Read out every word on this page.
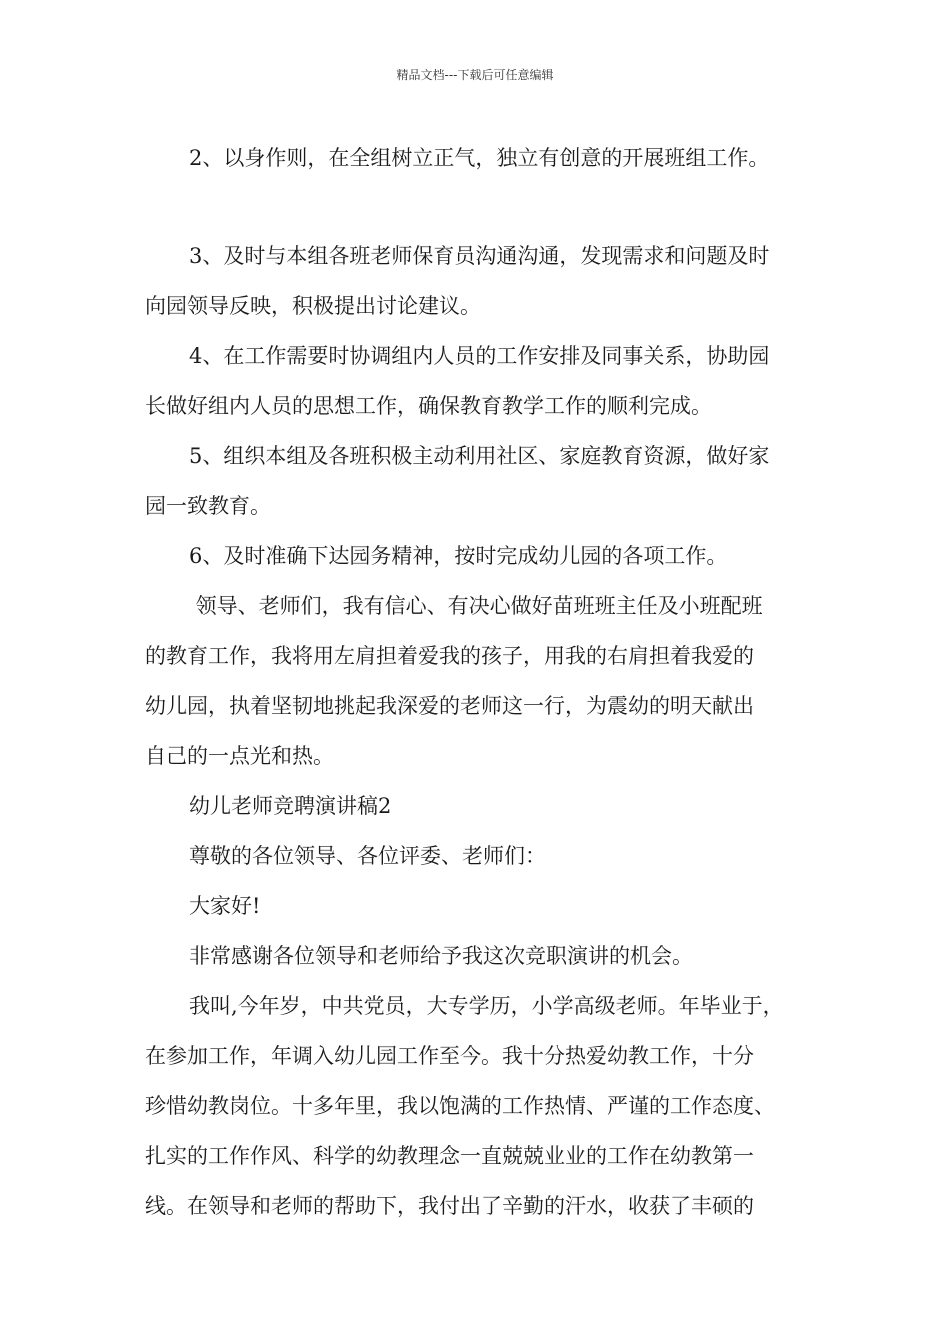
精品文档---下载后可任意编辑

2、以身作则，在全组树立正气，独立有创意的开展班组工作。

3、及时与本组各班老师保育员沟通沟通，发现需求和问题及时
向园领导反映，积极提出讨论建议。

4、在工作需要时协调组内人员的工作安排及同事关系，协助园
长做好组内人员的思想工作，确保教育教学工作的顺利完成。

5、组织本组及各班积极主动利用社区、家庭教育资源，做好家
园一致教育。

6、及时准确下达园务精神，按时完成幼儿园的各项工作。

领导、老师们，我有信心、有决心做好苗班班主任及小班配班
的教育工作，我将用左肩担着爱我的孩子，用我的右肩担着我爱的
幼儿园，执着坚韧地挑起我深爱的老师这一行，为震幼的明天献出
自己的一点光和热。

幼儿老师竞聘演讲稿2

尊敬的各位领导、各位评委、老师们：

大家好!

非常感谢各位领导和老师给予我这次竞职演讲的机会。

我叫,今年岁，中共党员，大专学历，小学高级老师。年毕业于，
在参加工作，年调入幼儿园工作至今。我十分热爱幼教工作，十分
珍惜幼教岗位。十多年里，我以饱满的工作热情、严谨的工作态度、
扎实的工作作风、科学的幼教理念一直兢兢业业的工作在幼教第一
线。在领导和老师的帮助下，我付出了辛勤的汗水，收获了丰硕的
